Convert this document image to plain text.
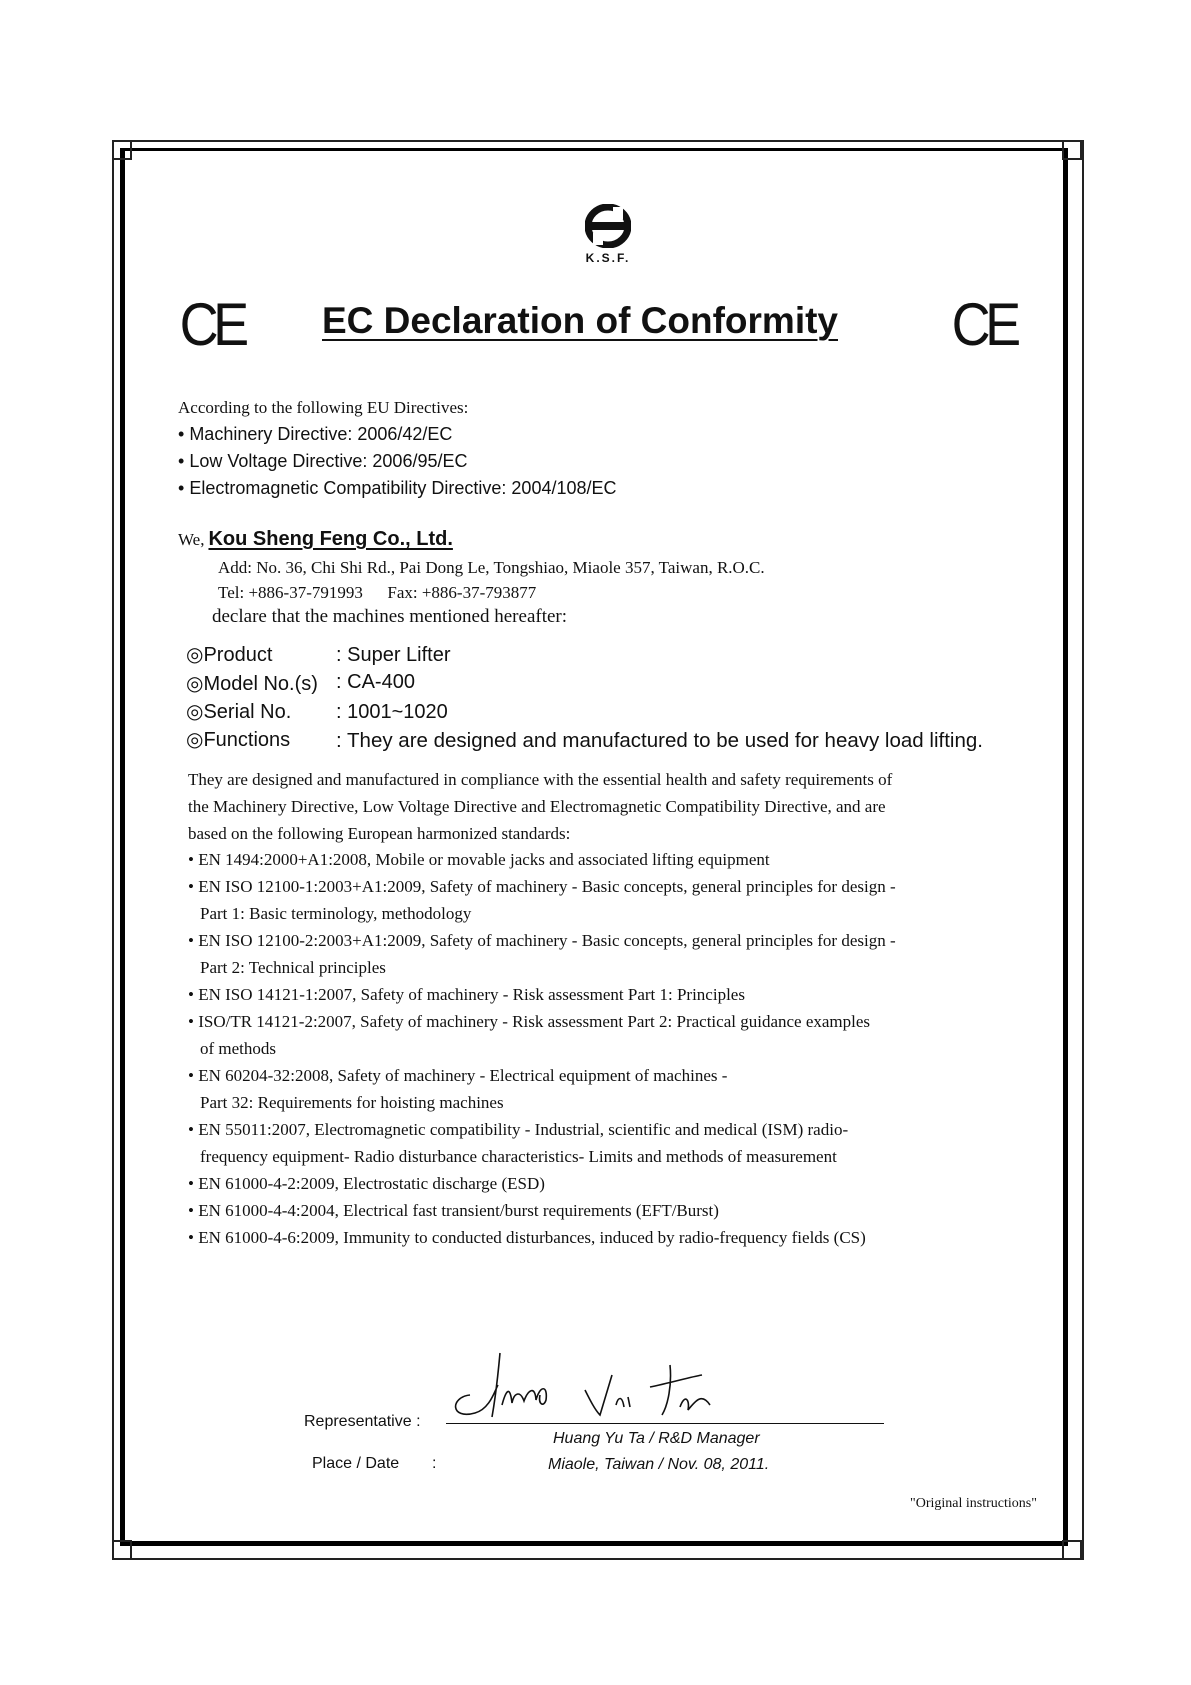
K.S.F.
CE	CE
EC Declaration of Conformity
According to the following EU Directives:
• Machinery Directive: 2006/42/EC
• Low Voltage Directive: 2006/95/EC
• Electromagnetic Compatibility Directive: 2004/108/EC
We, Kou Sheng Feng Co., Ltd.
Add: No. 36, Chi Shi Rd., Pai Dong Le, Tongshiao, Miaole 357, Taiwan, R.O.C.
Tel: +886-37-791993 Fax: +886-37-793877
declare that the machines mentioned hereafter:
◎Product	: Super Lifter
◎Model No.(s) : CA-400
◎Serial No. : 1001~1020
◎Functions : They are designed and manufactured to be used for heavy load lifting.
They are designed and manufactured in compliance with the essential health and safety requirements of
the Machinery Directive, Low Voltage Directive and Electromagnetic Compatibility Directive, and are
based on the following European harmonized standards:
• EN 1494:2000+A1:2008, Mobile or movable jacks and associated lifting equipment
• EN ISO 12100-1:2003+A1:2009, Safety of machinery - Basic concepts, general principles for design -
Part 1: Basic terminology, methodology
• EN ISO 12100-2:2003+A1:2009, Safety of machinery - Basic concepts, general principles for design -
Part 2: Technical principles
• EN ISO 14121-1:2007, Safety of machinery - Risk assessment Part 1: Principles
• ISO/TR 14121-2:2007, Safety of machinery - Risk assessment Part 2: Practical guidance examples
of methods
• EN 60204-32:2008, Safety of machinery - Electrical equipment of machines -
Part 32: Requirements for hoisting machines
• EN 55011:2007, Electromagnetic compatibility - Industrial, scientific and medical (ISM) radio-
frequency equipment- Radio disturbance characteristics- Limits and methods of measurement
• EN 61000-4-2:2009, Electrostatic discharge (ESD)
• EN 61000-4-4:2004, Electrical fast transient/burst requirements (EFT/Burst)
• EN 61000-4-6:2009, Immunity to conducted disturbances, induced by radio-frequency fields (CS)
Representative :
Huang Yu Ta / R&D Manager
Place / Date :	Miaole, Taiwan / Nov. 08, 2011.
"Original instructions"
